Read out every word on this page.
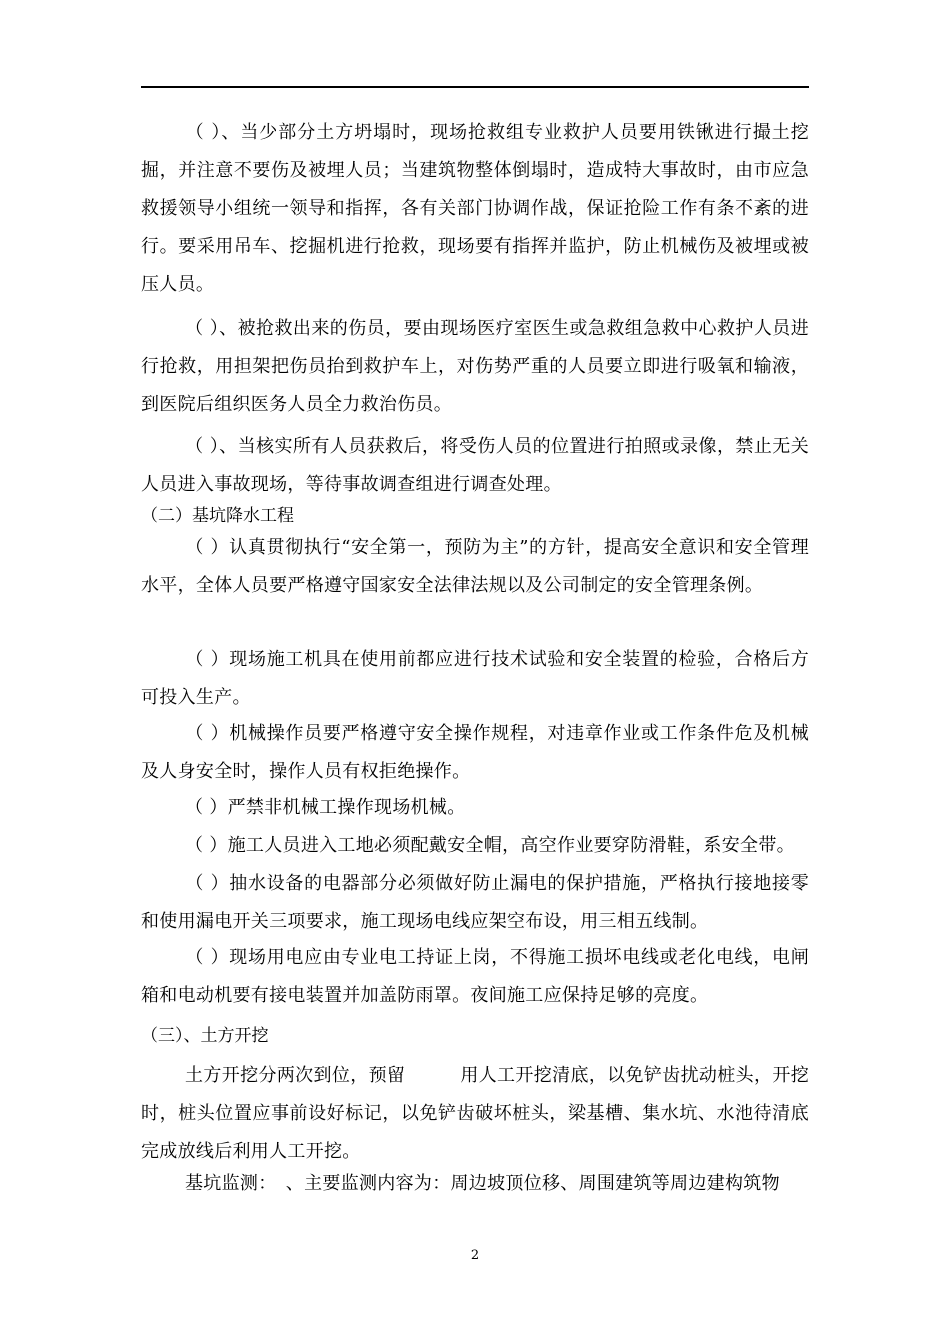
（ ）、当少部分土方坍塌时，现场抢救组专业救护人员要用铁锹进行撮土挖掘，并注意不要伤及被埋人员；当建筑物整体倒塌时，造成特大事故时，由市应急救援领导小组统一领导和指挥，各有关部门协调作战，保证抢险工作有条不紊的进行。要采用吊车、挖掘机进行抢救，现场要有指挥并监护，防止机械伤及被埋或被压人员。

（ ）、被抢救出来的伤员，要由现场医疗室医生或急救组急救中心救护人员进行抢救，用担架把伤员抬到救护车上，对伤势严重的人员要立即进行吸氧和输液，到医院后组织医务人员全力救治伤员。

（ ）、当核实所有人员获救后，将受伤人员的位置进行拍照或录像，禁止无关人员进入事故现场，等待事故调查组进行调查处理。

（二）基坑降水工程

（ ）认真贯彻执行“安全第一，预防为主”的方针，提高安全意识和安全管理水平，全体人员要严格遵守国家安全法律法规以及公司制定的安全管理条例。

（ ）现场施工机具在使用前都应进行技术试验和安全装置的检验，合格后方可投入生产。

（ ）机械操作员要严格遵守安全操作规程，对违章作业或工作条件危及机械及人身安全时，操作人员有权拒绝操作。

（ ）严禁非机械工操作现场机械。

（ ）施工人员进入工地必须配戴安全帽，高空作业要穿防滑鞋，系安全带。

（ ）抽水设备的电器部分必须做好防止漏电的保护措施，严格执行接地接零和使用漏电开关三项要求，施工现场电线应架空布设，用三相五线制。

（ ）现场用电应由专业电工持证上岗，不得施工损坏电线或老化电线，电闸箱和电动机要有接电装置并加盖防雨罩。夜间施工应保持足够的亮度。

（三）、土方开挖

土方开挖分两次到位，预留　　　用人工开挖清底，以免铲齿扰动桩头，开挖时，桩头位置应事前设好标记，以免铲齿破坏桩头，梁基槽、集水坑、水池待清底完成放线后利用人工开挖。

基坑监测：　、主要监测内容为：周边坡顶位移、周围建筑等周边建构筑物

2
